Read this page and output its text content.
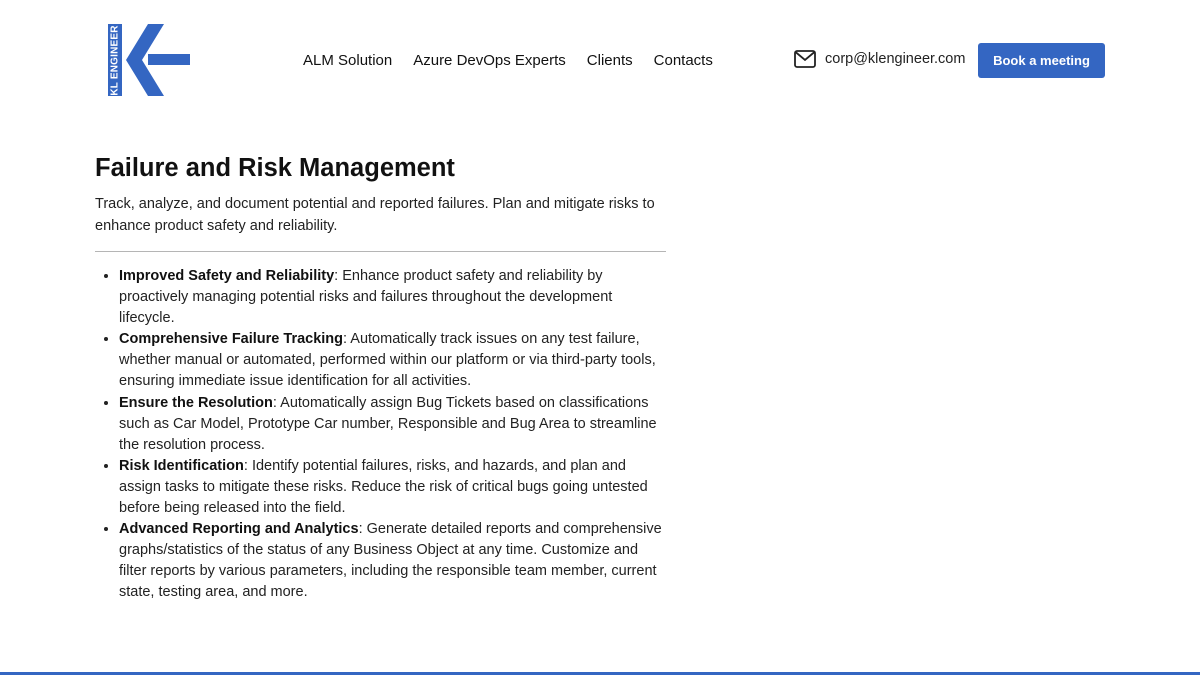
KL ENGINEER	ALM Solution Azure DevOps Experts Clients Contacts	corp@klengineer.com	Book a meeting
Failure and Risk Management

Track, analyze, and document potential and reported failures. Plan and mitigate risks to enhance product safety and reliability.

• Improved Safety and Reliability: Enhance product safety and reliability by proactively managing potential risks and failures throughout the development lifecycle.
• Comprehensive Failure Tracking: Automatically track issues on any test failure, whether manual or automated, performed within our platform or via third-party tools, ensuring immediate issue identification for all activities.
• Ensure the Resolution: Automatically assign Bug Tickets based on classifications such as Car Model, Prototype Car number, Responsible and Bug Area to streamline the resolution process.
• Risk Identification: Identify potential failures, risks, and hazards, and plan and assign tasks to mitigate these risks. Reduce the risk of critical bugs going untested before being released into the field.
• Advanced Reporting and Analytics: Generate detailed reports and comprehensive graphs/statistics of the status of any Business Object at any time. Customize and filter reports by various parameters, including the responsible team member, current state, testing area, and more.
